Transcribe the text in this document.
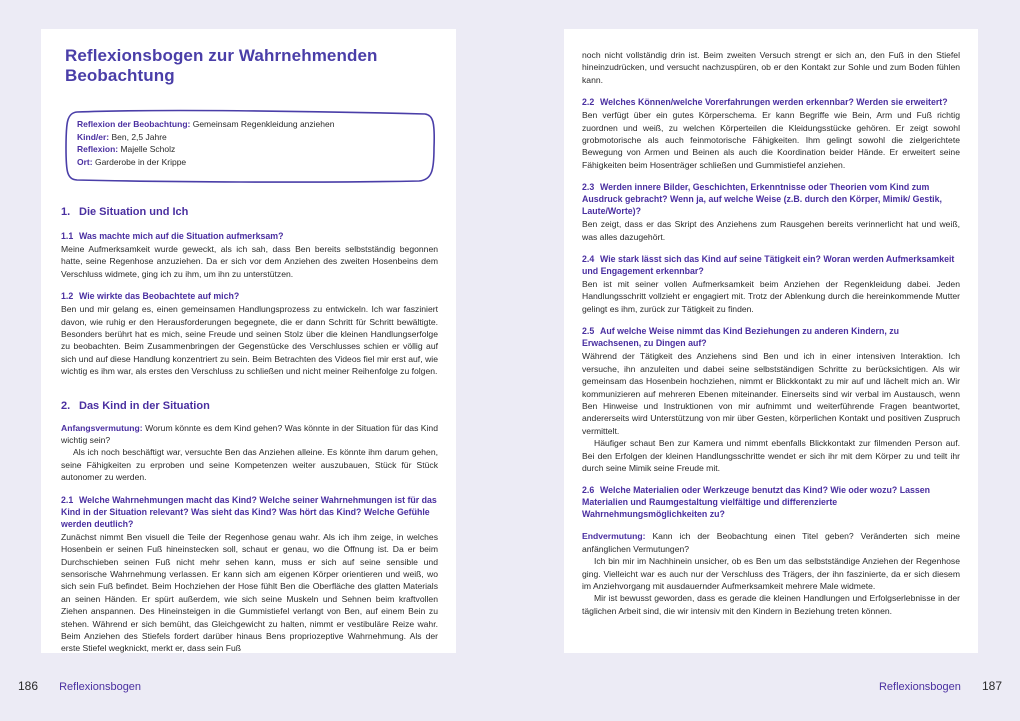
Reflexionsbogen zur Wahrnehmenden Beobachtung
Reflexion der Beobachtung: Gemeinsam Regenkleidung anziehen
Kind/er: Ben, 2,5 Jahre
Reflexion: Majelle Scholz
Ort: Garderobe in der Krippe
1. Die Situation und Ich
1.1 Was machte mich auf die Situation aufmerksam?

Meine Aufmerksamkeit wurde geweckt, als ich sah, dass Ben bereits selbstständig begonnen hatte, seine Regenhose anzuziehen. Da er sich vor dem Anziehen des zweiten Hosenbeins dem Verschluss widmete, ging ich zu ihm, um ihn zu unterstützen.

1.2 Wie wirkte das Beobachtete auf mich?

Ben und mir gelang es, einen gemeinsamen Handlungsprozess zu entwickeln. Ich war fasziniert davon, wie ruhig er den Herausforderungen begegnete, die er dann Schritt für Schritt bewältigte. Besonders berührt hat es mich, seine Freude und seinen Stolz über die kleinen Handlungserfolge zu beobachten. Beim Zusammenbringen der Gegenstücke des Verschlusses schien er völlig auf sich und auf diese Handlung konzentriert zu sein. Beim Betrachten des Videos fiel mir erst auf, wie wichtig es ihm war, als erstes den Verschluss zu schließen und nicht meiner Reihenfolge zu folgen.

2. Das Kind in der Situation

Anfangsvermutung: Worum könnte es dem Kind gehen? Was könnte in der Situation für das Kind wichtig sein?

Als ich noch beschäftigt war, versuchte Ben das Anziehen alleine. Es könnte ihm darum gehen, seine Fähigkeiten zu erproben und seine Kompetenzen weiter auszubauen, Stück für Stück autonomer zu werden.

2.1 Welche Wahrnehmungen macht das Kind? Welche seiner Wahrnehmungen ist für das Kind in der Situation relevant? Was sieht das Kind? Was hört das Kind? Welche Gefühle werden deutlich?

Zunächst nimmt Ben visuell die Teile der Regenhose genau wahr. Als ich ihm zeige, in welches Hosenbein er seinen Fuß hineinstecken soll, schaut er genau, wo die Öffnung ist. Da er beim Durchschieben seinen Fuß nicht mehr sehen kann, muss er sich auf seine sensible und sensorische Wahrnehmung verlassen. Er kann sich am eigenen Körper orientieren und weiß, wo sich sein Fuß befindet. Beim Hochziehen der Hose fühlt Ben die Oberfläche des glatten Materials an seinen Händen. Er spürt außerdem, wie sich seine Muskeln und Sehnen beim kraftvollen Ziehen anspannen. Des Hineinsteigen in die Gummistiefel verlangt von Ben, auf einem Bein zu stehen. Während er sich bemüht, das Gleichgewicht zu halten, nimmt er vestibuläre Reize wahr. Beim Anziehen des Stiefels fordert darüber hinaus Bens propriozeptive Wahrnehmung. Als der erste Stiefel wegknickt, merkt er, dass sein Fuß

noch nicht vollständig drin ist. Beim zweiten Versuch strengt er sich an, den Fuß in den Stiefel hineinzudrücken, und versucht nachzuspüren, ob er den Kontakt zur Sohle und zum Boden fühlen kann.

2.2 Welches Können/welche Vorerfahrungen werden erkennbar? Werden sie erweitert?

Ben verfügt über ein gutes Körperschema. Er kann Begriffe wie Bein, Arm und Fuß richtig zuordnen und weiß, zu welchen Körperteilen die Kleidungsstücke gehören. Er zeigt sowohl grobmotorische als auch feinmotorische Fähigkeiten. Ihm gelingt sowohl die zielgerichtete Bewegung von Armen und Beinen als auch die Koordination beider Hände. Er erweitert seine Fähigkeiten beim Hosenträger schließen und Gummistiefel anziehen.

2.3 Werden innere Bilder, Geschichten, Erkenntnisse oder Theorien vom Kind zum Ausdruck gebracht? Wenn ja, auf welche Weise (z.B. durch den Körper, Mimik/ Gestik, Laute/Worte)?

Ben zeigt, dass er das Skript des Anziehens zum Rausgehen bereits verinnerlicht hat und weiß, was alles dazugehört.

2.4 Wie stark lässt sich das Kind auf seine Tätigkeit ein? Woran werden Aufmerksamkeit und Engagement erkennbar?

Ben ist mit seiner vollen Aufmerksamkeit beim Anziehen der Regenkleidung dabei. Jeden Handlungsschritt vollzieht er engagiert mit. Trotz der Ablenkung durch die hereinkommende Mutter gelingt es ihm, zurück zur Tätigkeit zu finden.

2.5 Auf welche Weise nimmt das Kind Beziehungen zu anderen Kindern, zu Erwachsenen, zu Dingen auf?

Während der Tätigkeit des Anziehens sind Ben und ich in einer intensiven Interaktion. Ich versuche, ihn anzuleiten und dabei seine selbstständigen Schritte zu berücksichtigen. Als wir gemeinsam das Hosenbein hochziehen, nimmt er Blickkontakt zu mir auf und lächelt mich an. Wir kommunizieren auf mehreren Ebenen miteinander. Einerseits sind wir verbal im Austausch, wenn Ben Hinweise und Instruktionen von mir aufnimmt und weiterführende Fragen beantwortet, andererseits wird Unterstützung von mir über Gesten, körperlichen Kontakt und positiven Zuspruch vermittelt.

Häufiger schaut Ben zur Kamera und nimmt ebenfalls Blickkontakt zur filmenden Person auf. Bei den Erfolgen der kleinen Handlungsschritte wendet er sich ihr mit dem Körper zu und teilt ihr durch seine Mimik seine Freude mit.

2.6 Welche Materialien oder Werkzeuge benutzt das Kind? Wie oder wozu? Lassen Materialien und Raumgestaltung vielfältige und differenzierte Wahrnehmungsmöglichkeiten zu?

Endvermutung: Kann ich der Beobachtung einen Titel geben? Veränderten sich meine anfänglichen Vermutungen?

Ich bin mir im Nachhinein unsicher, ob es Ben um das selbstständige Anziehen der Regenhose ging. Vielleicht war es auch nur der Verschluss des Trägers, der ihn faszinierte, da er sich diesem im Anziehvorgang mit ausdauernder Aufmerksamkeit mehrere Male widmete.

Mir ist bewusst geworden, dass es gerade die kleinen Handlungen und Erfolgserlebnisse in der täglichen Arbeit sind, die wir intensiv mit den Kindern in Beziehung treten können.

186 Reflexionsbogen	Reflexionsbogen 187
